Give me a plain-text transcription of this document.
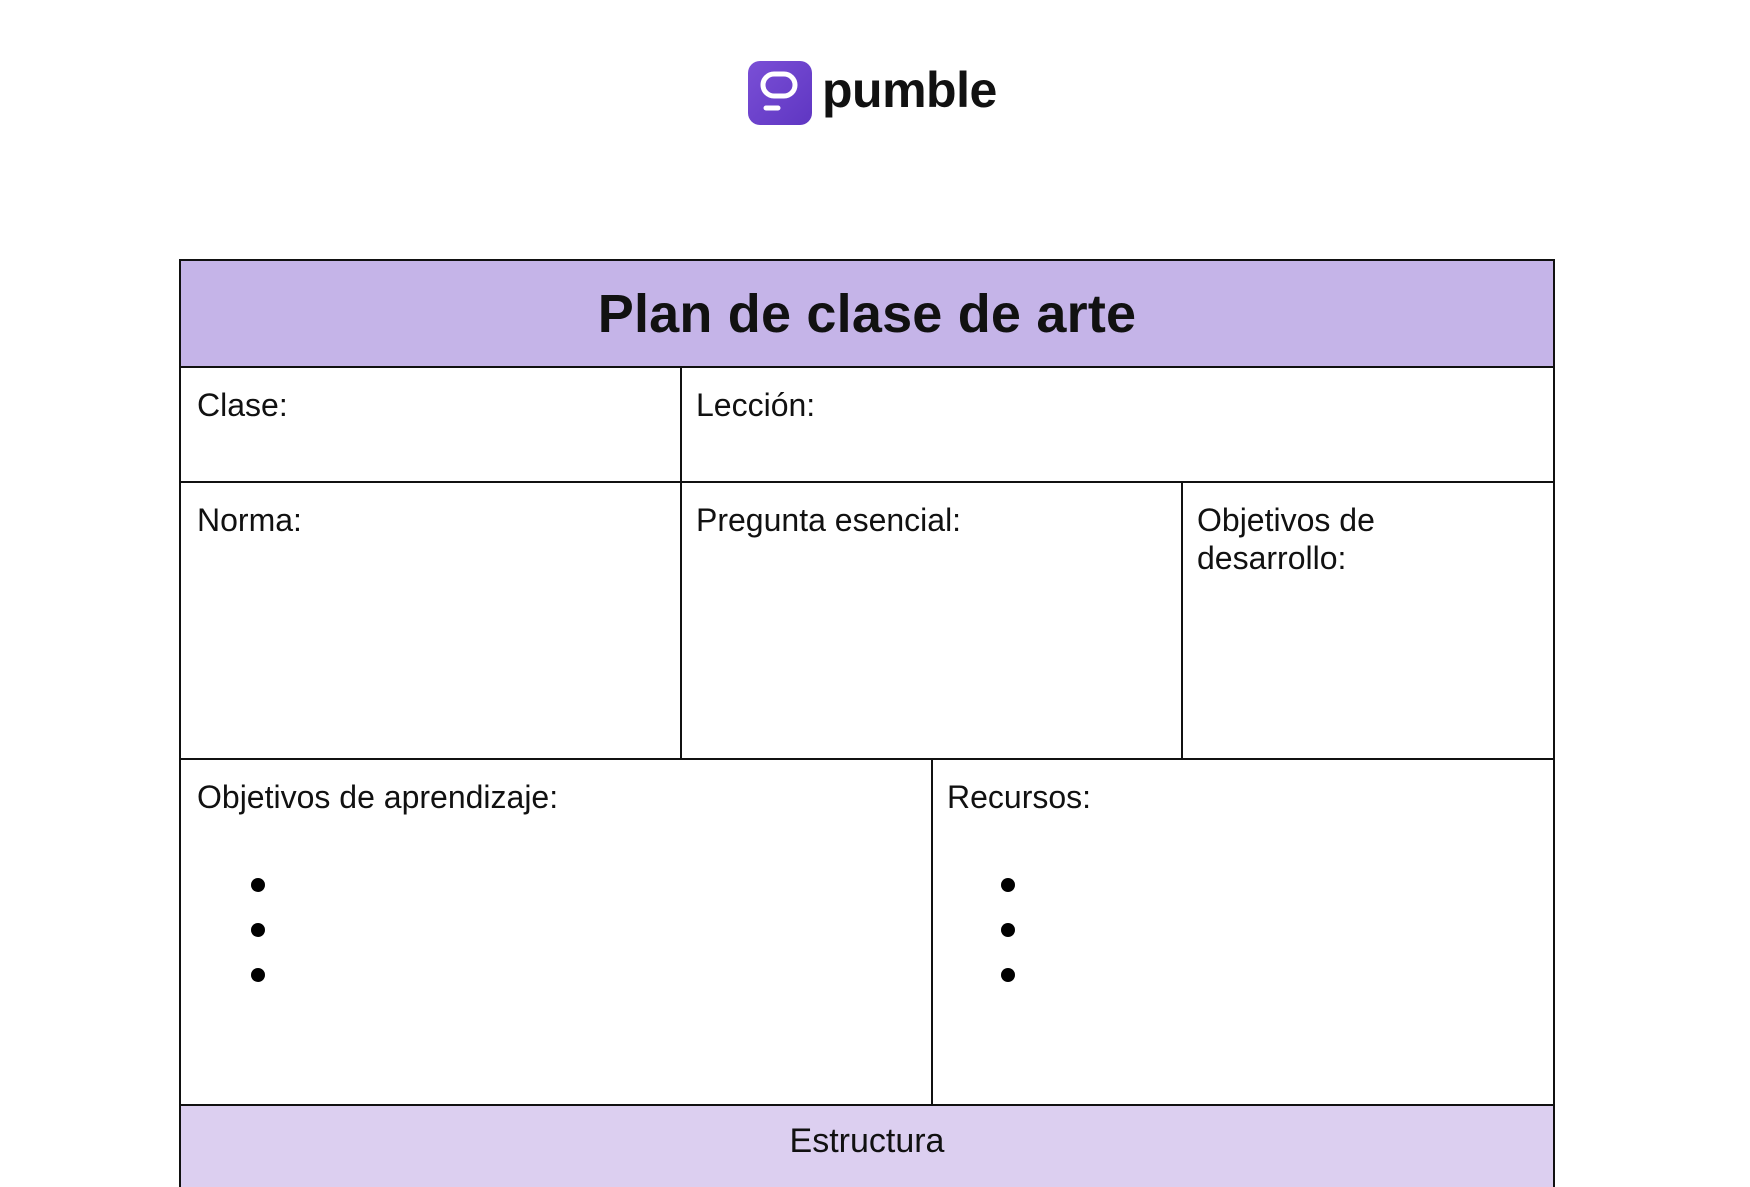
pumble
Plan de clase de arte
Clase:	Lección:
Norma:	Pregunta esencial:	Objetivos de desarrollo:
Objetivos de aprendizaje:	Recursos:
Estructura
